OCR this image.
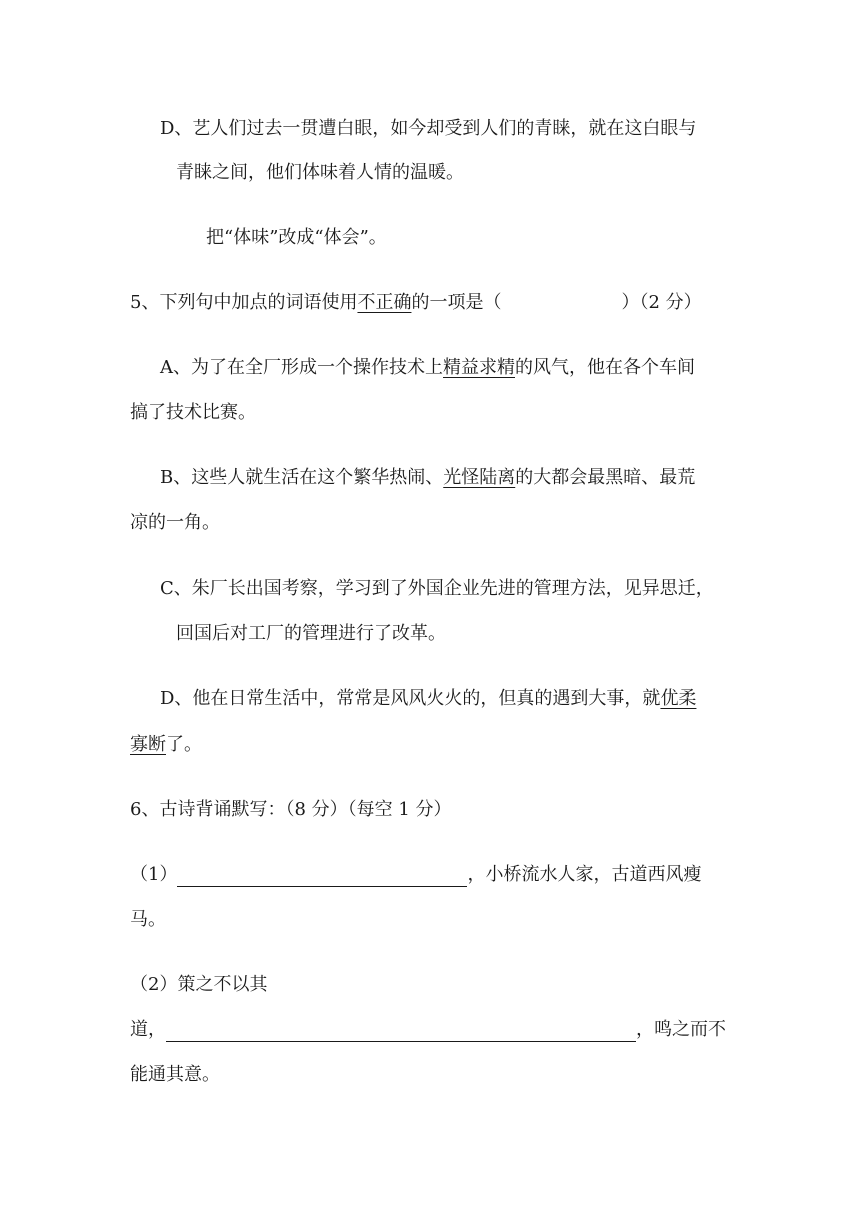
D、艺人们过去一贯遭白眼，如今却受到人们的青睐，就在这白眼与
青睐之间，他们体味着人情的温暖。
把“体味”改成“体会”。
5、下列句中加点的词语使用不正确的一项是（	）（2 分）
A、为了在全厂形成一个操作技术上精益求精的风气，他在各个车间
搞了技术比赛。
B、这些人就生活在这个繁华热闹、光怪陆离的大都会最黑暗、最荒
凉的一角。
C、朱厂长出国考察，学习到了外国企业先进的管理方法，见异思迁，
回国后对工厂的管理进行了改革。
D、他在日常生活中，常常是风风火火的，但真的遇到大事，就优柔
寡断了。
6、古诗背诵默写：（8 分）（每空 1 分）
（1）	，小桥流水人家，古道西风瘦
马。
（2）策之不以其
道，	，鸣之而不
能通其意。
